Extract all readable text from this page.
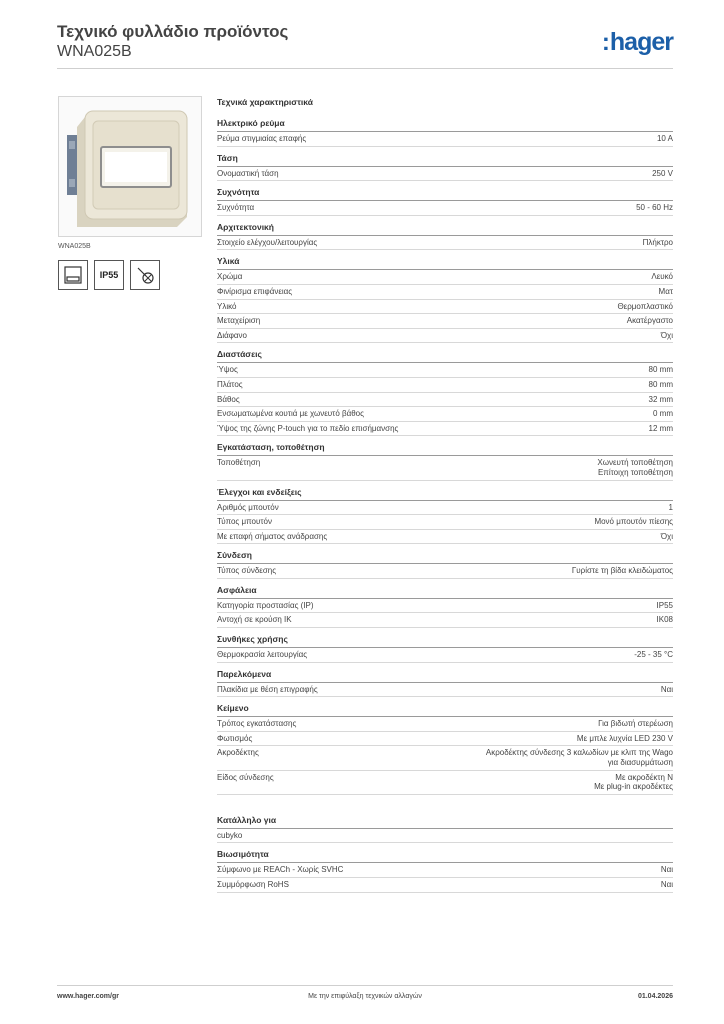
Τεχνικό φυλλάδιο προϊόντος
WNA025B	:hager
WNA025B
IP55
Τεχνικά χαρακτηριστικά
Ηλεκτρικό ρεύμα
Ρεύμα στιγμιαίας επαφής	10 A
Τάση
Ονομαστική τάση	250 V
Συχνότητα
Συχνότητα	50 - 60 Hz
Αρχιτεκτονική
Στοιχείο ελέγχου/λειτουργίας	Πλήκτρο
Υλικά
Χρώμα	Λευκό
Φινίρισμα επιφάνειας	Ματ
Υλικό	Θερμοπλαστικό
Μεταχείριση	Ακατέργαστο
Διάφανο	Όχι
Διαστάσεις
Ύψος	80 mm
Πλάτος	80 mm
Βάθος	32 mm
Ενσωματωμένα κουτιά με χωνευτό βάθος	0 mm
Ύψος της ζώνης P-touch για το πεδίο επισήμανσης	12 mm
Εγκατάσταση, τοποθέτηση
Τοποθέτηση	Χωνευτή τοποθέτηση
Επίτοιχη τοποθέτηση
Έλεγχοι και ενδείξεις
Αριθμός μπουτόν	1
Τύπος μπουτόν	Μονό μπουτόν πίεσης
Με επαφή σήματος ανάδρασης	Όχι
Σύνδεση
Τύπος σύνδεσης	Γυρίστε τη βίδα κλειδώματος
Ασφάλεια
Κατηγορία προστασίας (IP)	IP55
Αντοχή σε κρούση IK	IK08
Συνθήκες χρήσης
Θερμοκρασία λειτουργίας	-25 - 35 °C
Παρελκόμενα
Πλακίδια με θέση επιγραφής	Ναι
Κείμενο
Τρόπος εγκατάστασης	Για βιδωτή στερέωση
Φωτισμός	Με μπλε λυχνία LED 230 V
Ακροδέκτης	Ακροδέκτης σύνδεσης 3 καλωδίων με κλιπ της Wago
για διασυρμάτωση
Είδος σύνδεσης	Με ακροδέκτη N
Με plug-in ακροδέκτες
Κατάλληλο για
cubyko
Βιωσιμότητα
Σύμφωνο με REACh - Χωρίς SVHC	Ναι
Συμμόρφωση RoHS	Ναι
www.hager.com/gr	Με την επιφύλαξη τεχνικών αλλαγών	01.04.2026
